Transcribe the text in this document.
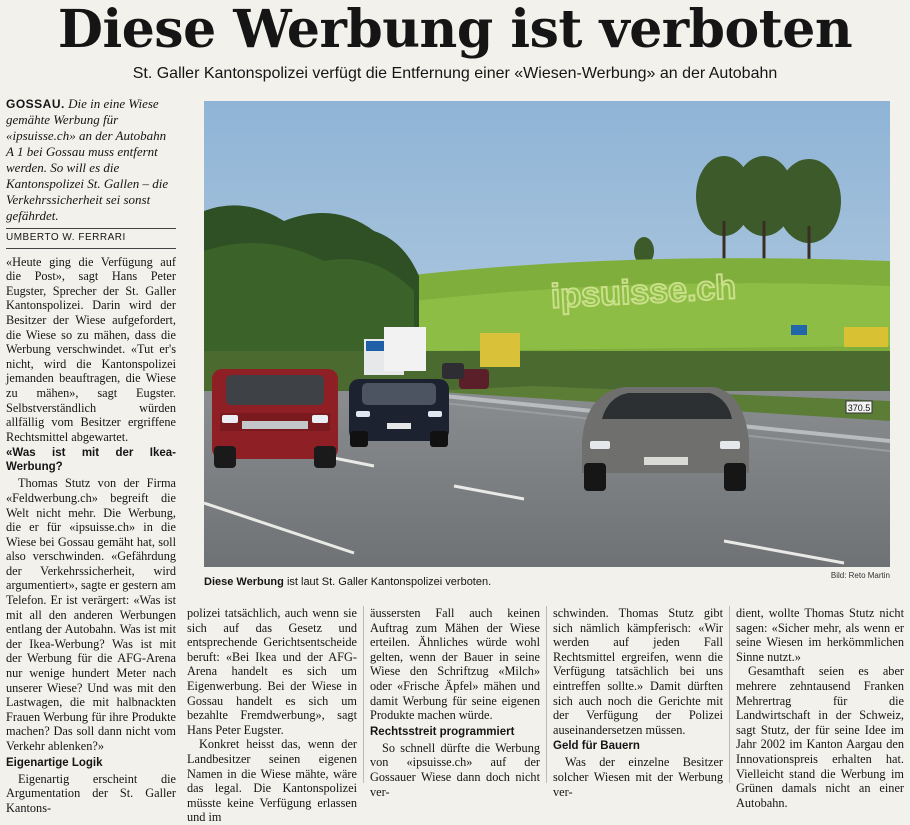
Diese Werbung ist verboten
St. Galler Kantonspolizei verfügt die Entfernung einer «Wiesen-Werbung» an der Autobahn
GOSSAU. Die in eine Wiese gemähte Werbung für «ipsuisse.ch» an der Autobahn A 1 bei Gossau muss entfernt werden. So will es die Kantonspolizei St. Gallen – die Verkehrssicherheit sei sonst gefährdet.
UMBERTO W. FERRARI

«Heute ging die Verfügung auf die Post», sagt Hans Peter Eugster, Sprecher der St. Galler Kantonspolizei. Darin wird der Besitzer der Wiese aufgefordert, die Wiese so zu mähen, dass die Werbung verschwindet. «Tut er's nicht, wird die Kantonspolizei jemanden beauftragen, die Wiese zu mähen», sagt Eugster. Selbstverständlich würden allfällig vom Besitzer ergriffene Rechtsmittel abgewartet.

«Was ist mit der Ikea-Werbung?

Thomas Stutz von der Firma «Feldwerbung.ch» begreift die Welt nicht mehr. Die Werbung, die er für «ipsuisse.ch» in die Wiese bei Gossau gemäht hat, soll also verschwinden. «Gefährdung der Verkehrssicherheit, wird argumentiert», sagte er gestern am Telefon. Er ist verärgert: «Was ist mit all den anderen Werbungen entlang der Autobahn. Was ist mit der Ikea-Werbung? Was ist mit der Werbung für die AFG-Arena nur wenige hundert Meter nach unserer Wiese? Und was mit den Lastwagen, die mit halbnackten Frauen Werbung für ihre Produkte machen? Das soll dann nicht vom Verkehr ablenken?»

Eigenartige Logik

Eigenartig erscheint die Argumentation der St. Galler Kantons-

ipsuisse.ch
370.5
Bild: Reto Martin
Diese Werbung ist laut St. Galler Kantonspolizei verboten.

polizei tatsächlich, auch wenn sie sich auf das Gesetz und entsprechende Gerichtsentscheide beruft: «Bei Ikea und der AFG-Arena handelt es sich um Eigenwerbung. Bei der Wiese in Gossau handelt es sich um bezahlte Fremdwerbung», sagt Hans Peter Eugster.

Konkret heisst das, wenn der Landbesitzer seinen eigenen Namen in die Wiese mähte, wäre das legal. Die Kantonspolizei müsste keine Verfügung erlassen und im

äussersten Fall auch keinen Auftrag zum Mähen der Wiese erteilen. Ähnliches würde wohl gelten, wenn der Bauer in seine Wiese den Schriftzug «Milch» oder «Frische Äpfel» mähen und damit Werbung für seine eigenen Produkte machen würde.

Rechtsstreit programmiert

So schnell dürfte die Werbung von «ipsuisse.ch» auf der Gossauer Wiese dann doch nicht ver-

schwinden. Thomas Stutz gibt sich nämlich kämpferisch: «Wir werden auf jeden Fall Rechtsmittel ergreifen, wenn die Verfügung tatsächlich bei uns eintreffen sollte.» Damit dürften sich auch noch die Gerichte mit der Verfügung der Polizei auseinandersetzen müssen.

Geld für Bauern

Was der einzelne Besitzer solcher Wiesen mit der Werbung ver-

dient, wollte Thomas Stutz nicht sagen: «Sicher mehr, als wenn er seine Wiesen im herkömmlichen Sinne nutzt.»

Gesamthaft seien es aber mehrere zehntausend Franken Mehrertrag für die Landwirtschaft in der Schweiz, sagt Stutz, der für seine Idee im Jahr 2002 im Kanton Aargau den Innovationspreis erhalten hat. Vielleicht stand die Werbung im Grünen damals nicht an einer Autobahn.
